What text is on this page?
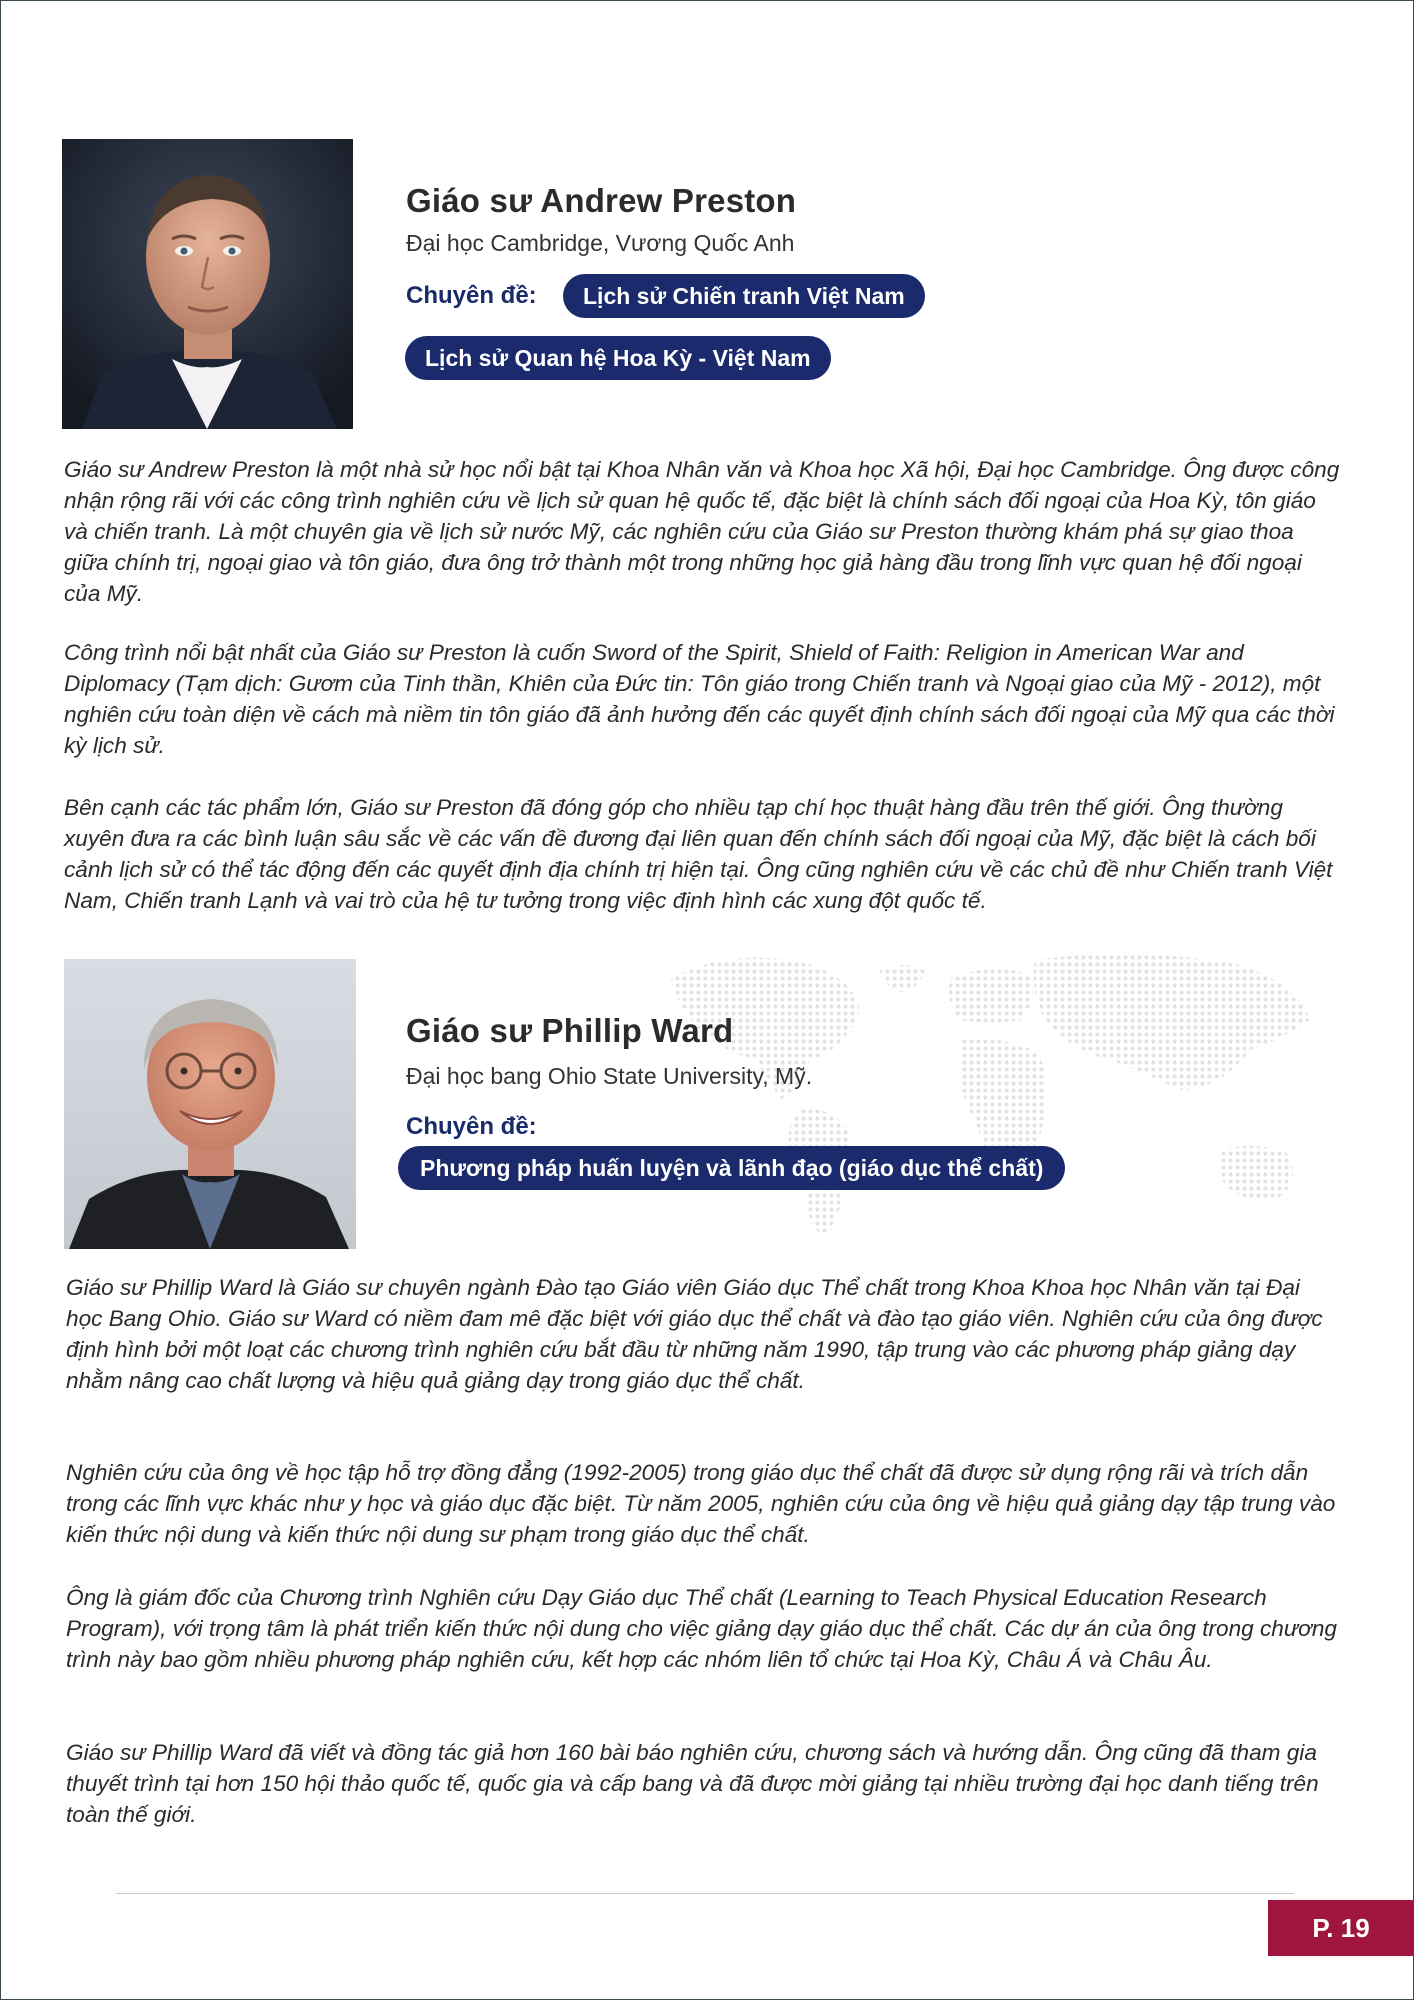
Giáo sư Andrew Preston
Đại học Cambridge, Vương Quốc Anh
Chuyên đề:	Lịch sử Chiến tranh Việt Nam
Lịch sử Quan hệ Hoa Kỳ - Việt Nam

Giáo sư Andrew Preston là một nhà sử học nổi bật tại Khoa Nhân văn và Khoa học Xã hội, Đại học Cambridge. Ông được công nhận rộng rãi với các công trình nghiên cứu về lịch sử quan hệ quốc tế, đặc biệt là chính sách đối ngoại của Hoa Kỳ, tôn giáo và chiến tranh. Là một chuyên gia về lịch sử nước Mỹ, các nghiên cứu của Giáo sư Preston thường khám phá sự giao thoa giữa chính trị, ngoại giao và tôn giáo, đưa ông trở thành một trong những học giả hàng đầu trong lĩnh vực quan hệ đối ngoại của Mỹ.

Công trình nổi bật nhất của Giáo sư Preston là cuốn Sword of the Spirit, Shield of Faith: Religion in American War and Diplomacy (Tạm dịch: Gươm của Tinh thần, Khiên của Đức tin: Tôn giáo trong Chiến tranh và Ngoại giao của Mỹ - 2012), một nghiên cứu toàn diện về cách mà niềm tin tôn giáo đã ảnh hưởng đến các quyết định chính sách đối ngoại của Mỹ qua các thời kỳ lịch sử.

Bên cạnh các tác phẩm lớn, Giáo sư Preston đã đóng góp cho nhiều tạp chí học thuật hàng đầu trên thế giới. Ông thường xuyên đưa ra các bình luận sâu sắc về các vấn đề đương đại liên quan đến chính sách đối ngoại của Mỹ, đặc biệt là cách bối cảnh lịch sử có thể tác động đến các quyết định địa chính trị hiện tại. Ông cũng nghiên cứu về các chủ đề như Chiến tranh Việt Nam, Chiến tranh Lạnh và vai trò của hệ tư tưởng trong việc định hình các xung đột quốc tế.

Giáo sư Phillip Ward
Đại học bang Ohio State University, Mỹ.
Chuyên đề:
Phương pháp huấn luyện và lãnh đạo (giáo dục thể chất)

Giáo sư Phillip Ward là Giáo sư chuyên ngành Đào tạo Giáo viên Giáo dục Thể chất trong Khoa Khoa học Nhân văn tại Đại học Bang Ohio. Giáo sư Ward có niềm đam mê đặc biệt với giáo dục thể chất và đào tạo giáo viên. Nghiên cứu của ông được định hình bởi một loạt các chương trình nghiên cứu bắt đầu từ những năm 1990, tập trung vào các phương pháp giảng dạy nhằm nâng cao chất lượng và hiệu quả giảng dạy trong giáo dục thể chất.

Nghiên cứu của ông về học tập hỗ trợ đồng đẳng (1992-2005) trong giáo dục thể chất đã được sử dụng rộng rãi và trích dẫn trong các lĩnh vực khác như y học và giáo dục đặc biệt. Từ năm 2005, nghiên cứu của ông về hiệu quả giảng dạy tập trung vào kiến thức nội dung và kiến thức nội dung sư phạm trong giáo dục thể chất.

Ông là giám đốc của Chương trình Nghiên cứu Dạy Giáo dục Thể chất (Learning to Teach Physical Education Research Program), với trọng tâm là phát triển kiến thức nội dung cho việc giảng dạy giáo dục thể chất. Các dự án của ông trong chương trình này bao gồm nhiều phương pháp nghiên cứu, kết hợp các nhóm liên tổ chức tại Hoa Kỳ, Châu Á và Châu Âu.

Giáo sư Phillip Ward đã viết và đồng tác giả hơn 160 bài báo nghiên cứu, chương sách và hướng dẫn. Ông cũng đã tham gia thuyết trình tại hơn 150 hội thảo quốc tế, quốc gia và cấp bang và đã được mời giảng tại nhiều trường đại học danh tiếng trên toàn thế giới.

P. 19
